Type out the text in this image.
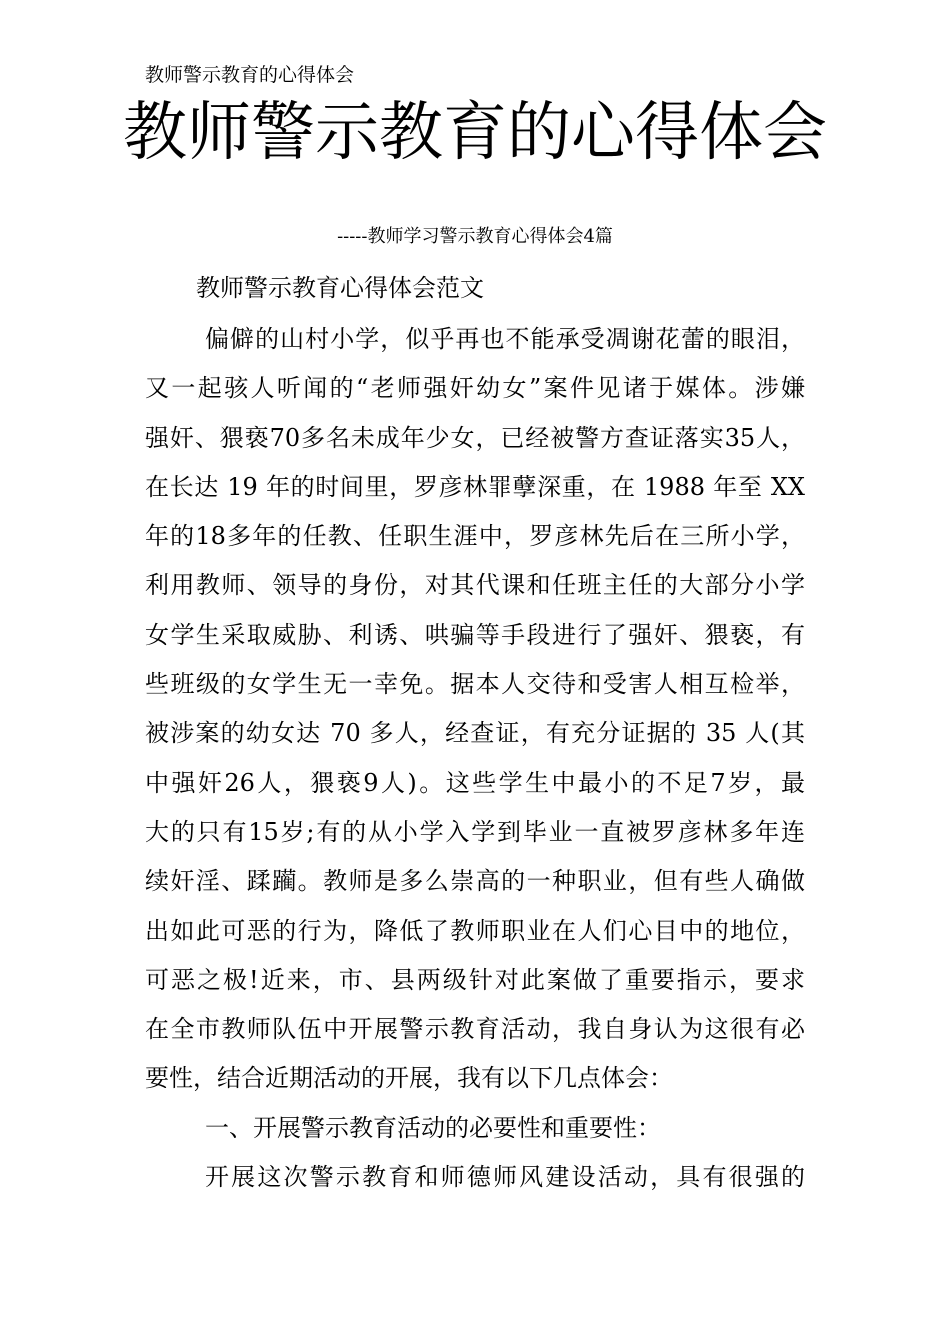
教师警示教育的心得体会
教师警示教育的心得体会
-----教师学习警示教育心得体会4篇
教师警示教育心得体会范文
偏僻的山村小学，似乎再也不能承受凋谢花蕾的眼泪，
又一起骇人听闻的“老师强奸幼女”案件见诸于媒体。涉嫌
强奸、猥亵70多名未成年少女，已经被警方查证落实35人，
在长达 19 年的时间里，罗彦林罪孽深重，在 1988 年至 XX
年的18多年的任教、任职生涯中，罗彦林先后在三所小学，
利用教师、领导的身份，对其代课和任班主任的大部分小学
女学生采取威胁、利诱、哄骗等手段进行了强奸、猥亵，有
些班级的女学生无一幸免。据本人交待和受害人相互检举，
被涉案的幼女达 70 多人，经查证，有充分证据的 35 人(其
中强奸26人，猥亵9人)。这些学生中最小的不足7岁，最
大的只有15岁;有的从小学入学到毕业一直被罗彦林多年连
续奸淫、蹂躏。教师是多么崇高的一种职业，但有些人确做
出如此可恶的行为，降低了教师职业在人们心目中的地位，
可恶之极!近来，市、县两级针对此案做了重要指示，要求
在全市教师队伍中开展警示教育活动，我自身认为这很有必
要性，结合近期活动的开展，我有以下几点体会：
一、开展警示教育活动的必要性和重要性：
开展这次警示教育和师德师风建设活动，具有很强的
